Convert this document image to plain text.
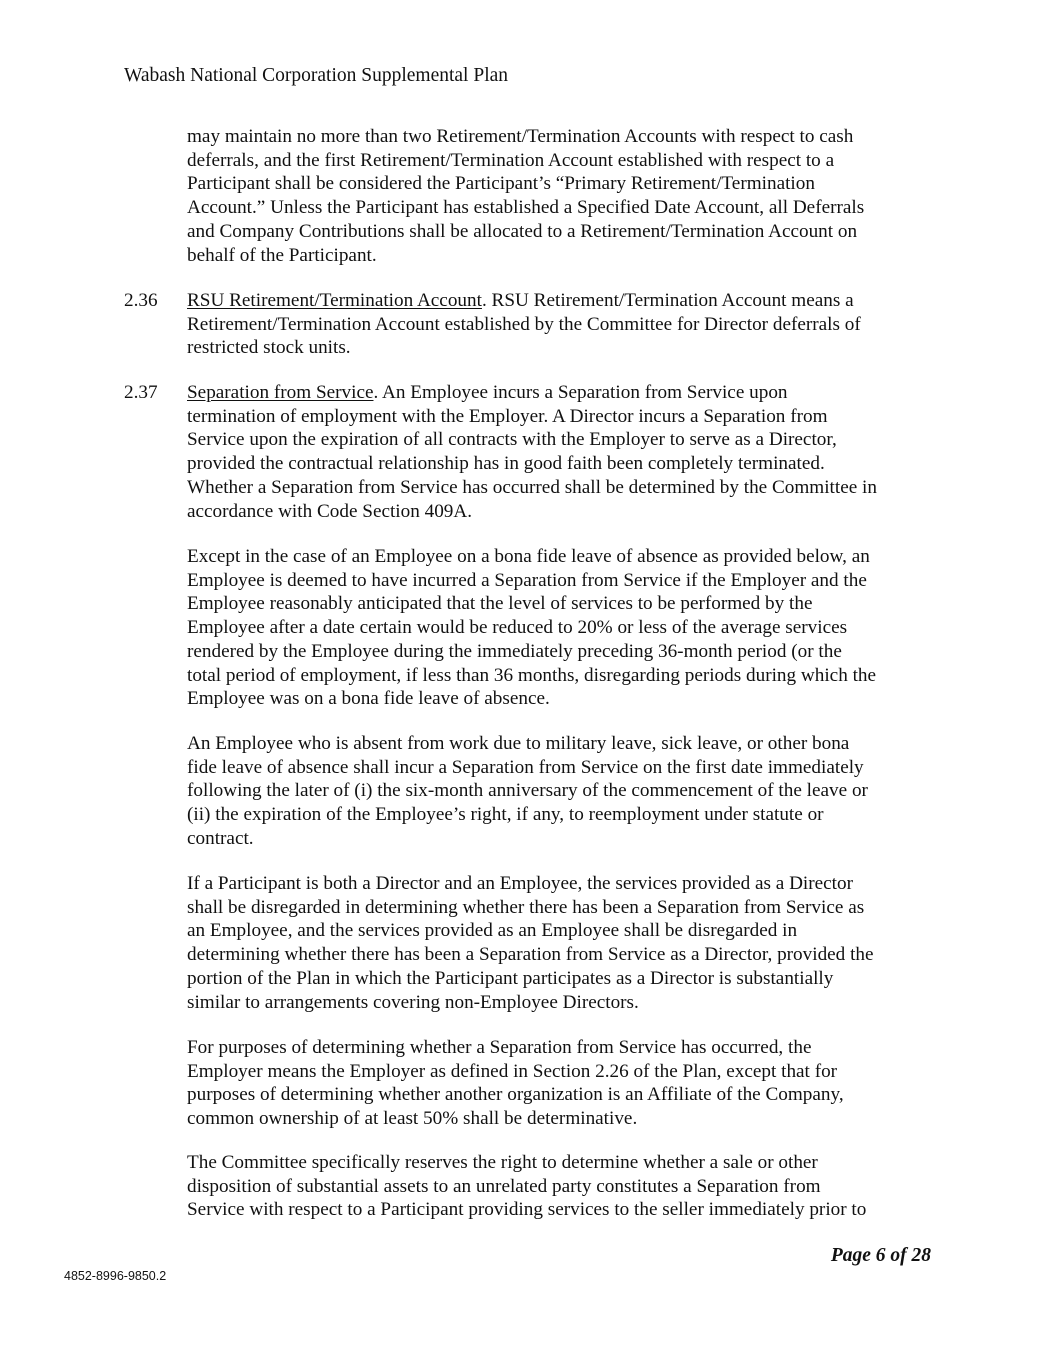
Wabash National Corporation Supplemental Plan
may maintain no more than two Retirement/Termination Accounts with respect to cash
deferrals, and the first Retirement/Termination Account established with respect to a
Participant shall be considered the Participant’s “Primary Retirement/Termination
Account.” Unless the Participant has established a Specified Date Account, all Deferrals
and Company Contributions shall be allocated to a Retirement/Termination Account on
behalf of the Participant.
2.36 RSU Retirement/Termination Account. RSU Retirement/Termination Account means a
Retirement/Termination Account established by the Committee for Director deferrals of
restricted stock units.
2.37 Separation from Service. An Employee incurs a Separation from Service upon
termination of employment with the Employer. A Director incurs a Separation from
Service upon the expiration of all contracts with the Employer to serve as a Director,
provided the contractual relationship has in good faith been completely terminated.
Whether a Separation from Service has occurred shall be determined by the Committee in
accordance with Code Section 409A.
Except in the case of an Employee on a bona fide leave of absence as provided below, an
Employee is deemed to have incurred a Separation from Service if the Employer and the
Employee reasonably anticipated that the level of services to be performed by the
Employee after a date certain would be reduced to 20% or less of the average services
rendered by the Employee during the immediately preceding 36-month period (or the
total period of employment, if less than 36 months, disregarding periods during which the
Employee was on a bona fide leave of absence.
An Employee who is absent from work due to military leave, sick leave, or other bona
fide leave of absence shall incur a Separation from Service on the first date immediately
following the later of (i) the six-month anniversary of the commencement of the leave or
(ii) the expiration of the Employee’s right, if any, to reemployment under statute or
contract.
If a Participant is both a Director and an Employee, the services provided as a Director
shall be disregarded in determining whether there has been a Separation from Service as
an Employee, and the services provided as an Employee shall be disregarded in
determining whether there has been a Separation from Service as a Director, provided the
portion of the Plan in which the Participant participates as a Director is substantially
similar to arrangements covering non-Employee Directors.
For purposes of determining whether a Separation from Service has occurred, the
Employer means the Employer as defined in Section 2.26 of the Plan, except that for
purposes of determining whether another organization is an Affiliate of the Company,
common ownership of at least 50% shall be determinative.
The Committee specifically reserves the right to determine whether a sale or other
disposition of substantial assets to an unrelated party constitutes a Separation from
Service with respect to a Participant providing services to the seller immediately prior to
Page 6 of 28
4852-8996-9850.2
